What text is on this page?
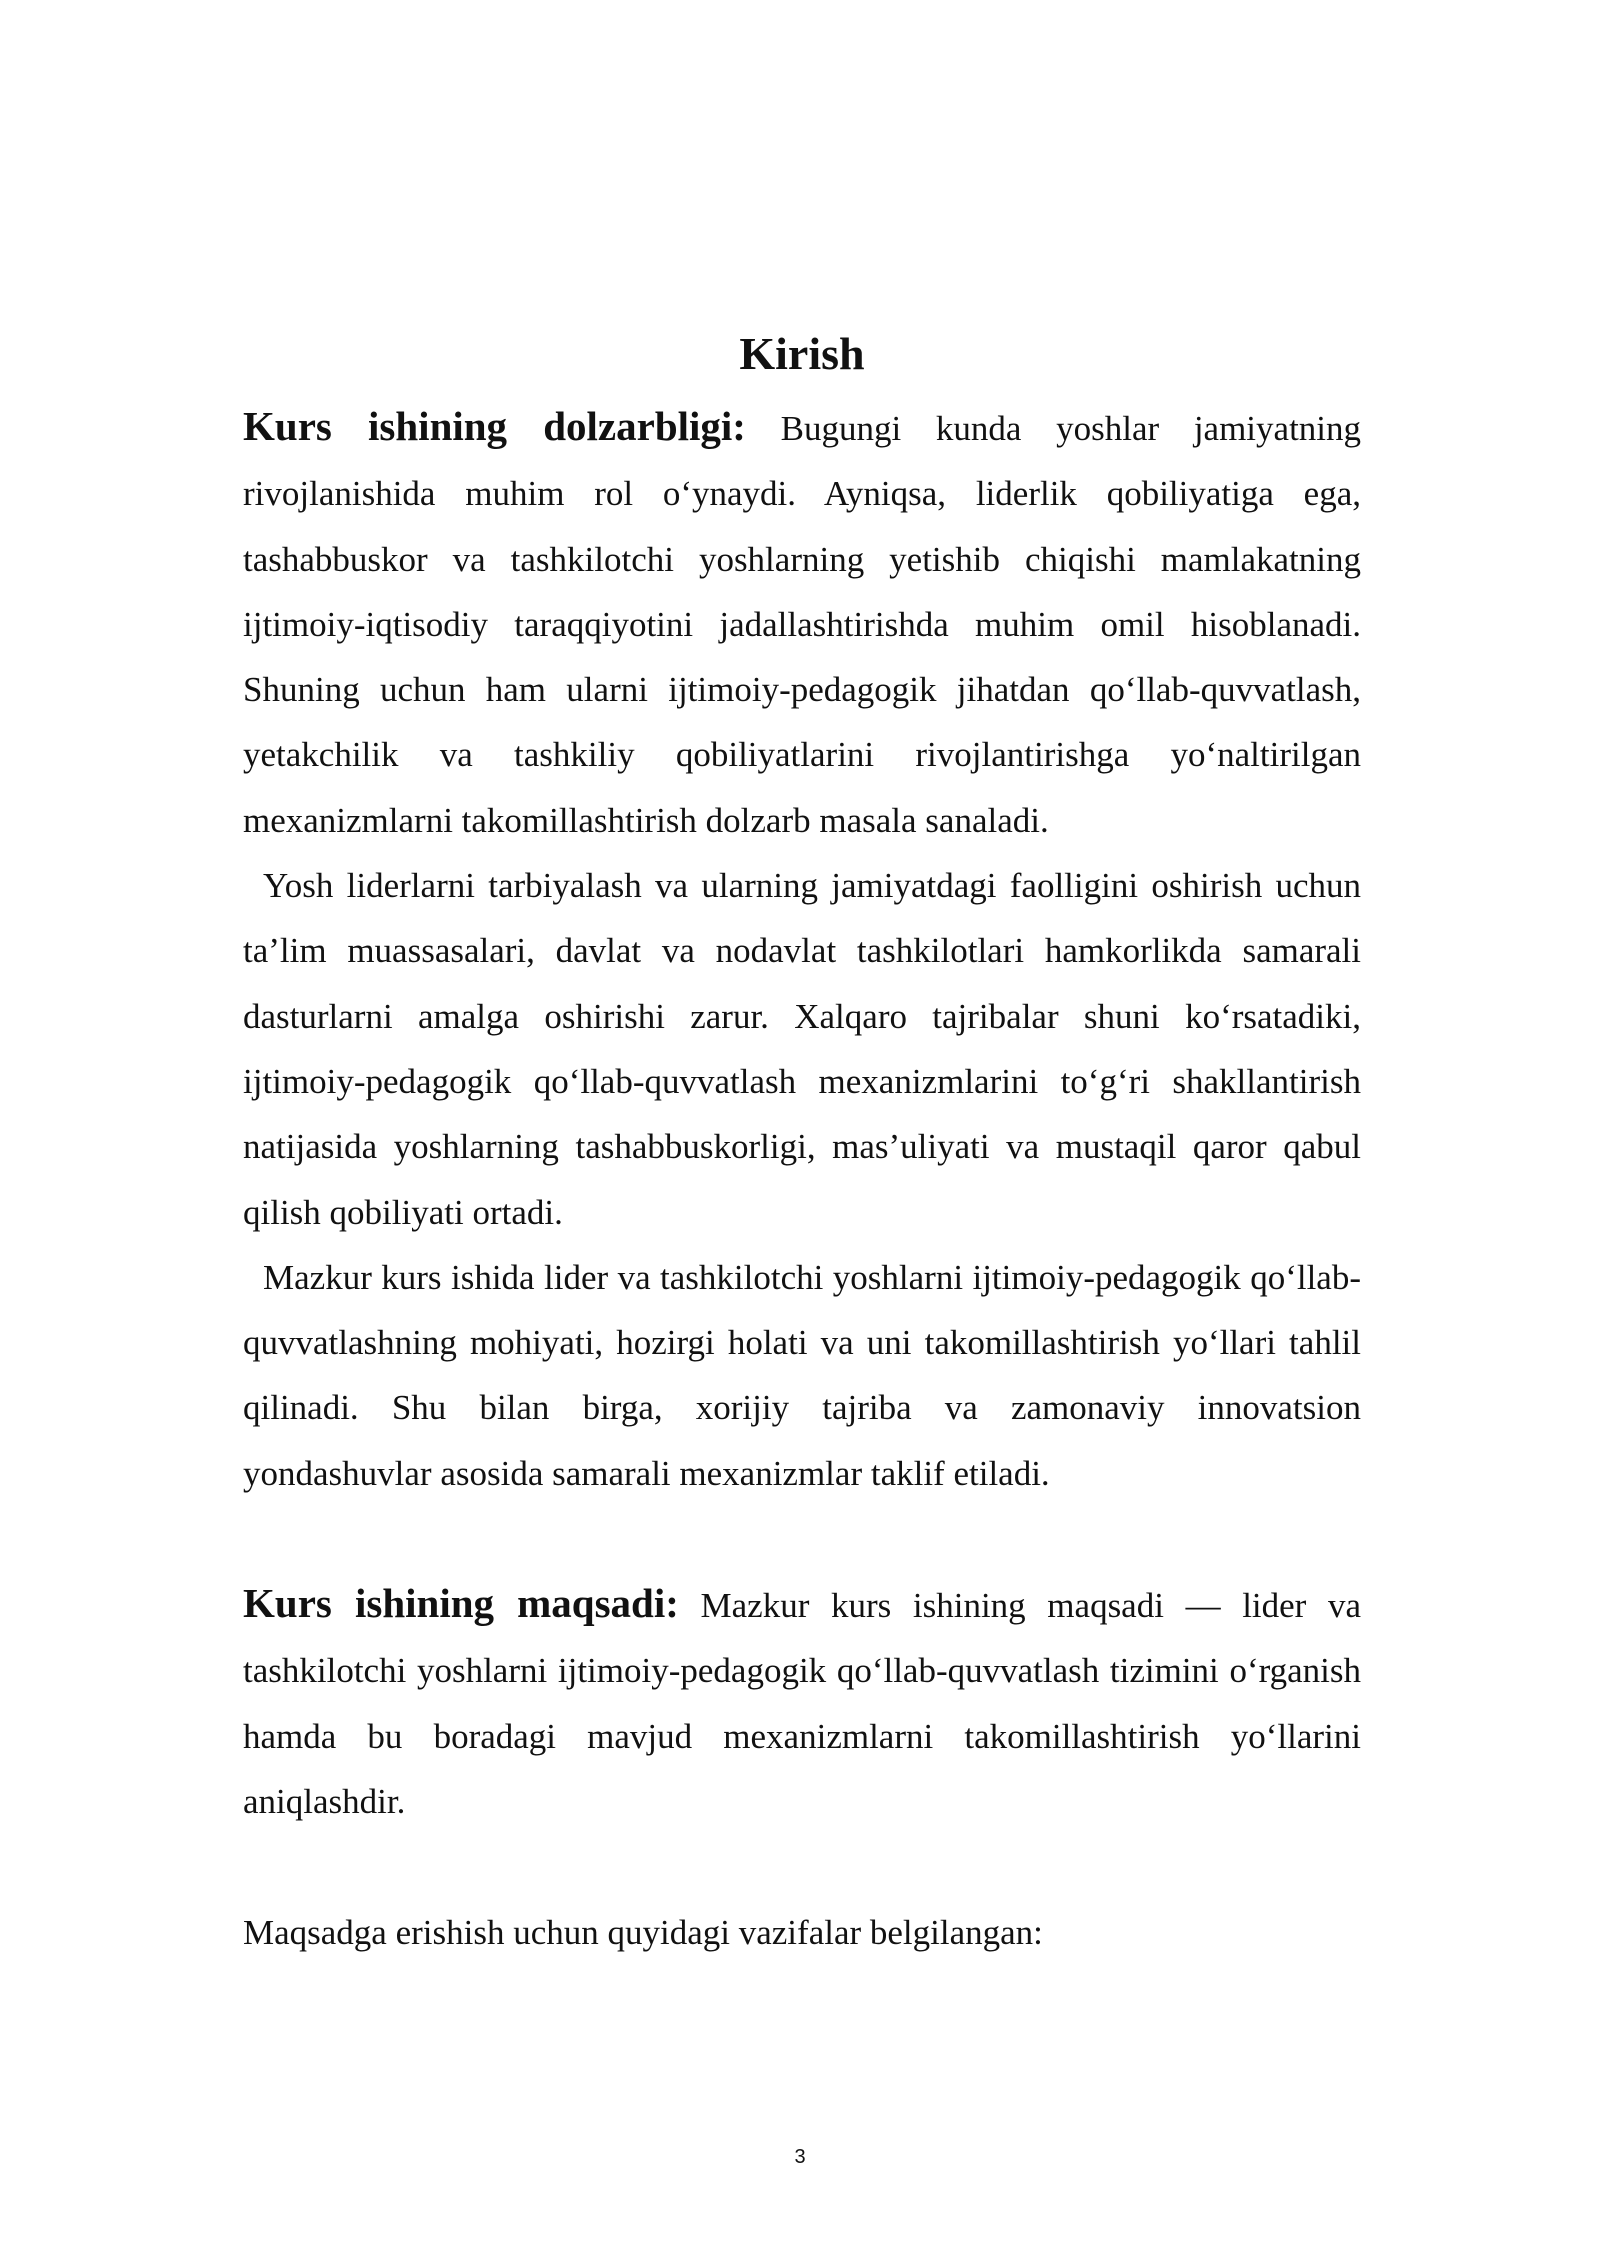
Kirish

Kurs ishining dolzarbligi: Bugungi kunda yoshlar jamiyatning rivojlanishida muhim rol o‘ynaydi. Ayniqsa, liderlik qobiliyatiga ega, tashabbuskor va tashkilotchi yoshlarning yetishib chiqishi mamlakatning ijtimoiy-iqtisodiy taraqqiyotini jadallashtirishda muhim omil hisoblanadi. Shuning uchun ham ularni ijtimoiy-pedagogik jihatdan qo‘llab-quvvatlash, yetakchilik va tashkiliy qobiliyatlarini rivojlantirishga yo‘naltirilgan mexanizmlarni takomillashtirish dolzarb masala sanaladi.

Yosh liderlarni tarbiyalash va ularning jamiyatdagi faolligini oshirish uchun ta’lim muassasalari, davlat va nodavlat tashkilotlari hamkorlikda samarali dasturlarni amalga oshirishi zarur. Xalqaro tajribalar shuni ko‘rsatadiki, ijtimoiy-pedagogik qo‘llab-quvvatlash mexanizmlarini to‘g‘ri shakllantirish natijasida yoshlarning tashabbuskorligi, mas’uliyati va mustaqil qaror qabul qilish qobiliyati ortadi.

Mazkur kurs ishida lider va tashkilotchi yoshlarni ijtimoiy-pedagogik qo‘llab-quvvatlashning mohiyati, hozirgi holati va uni takomillashtirish yo‘llari tahlil qilinadi. Shu bilan birga, xorijiy tajriba va zamonaviy innovatsion yondashuvlar asosida samarali mexanizmlar taklif etiladi.

Kurs ishining maqsadi: Mazkur kurs ishining maqsadi — lider va tashkilotchi yoshlarni ijtimoiy-pedagogik qo‘llab-quvvatlash tizimini o‘rganish hamda bu boradagi mavjud mexanizmlarni takomillashtirish yo‘llarini aniqlashdir.

Maqsadga erishish uchun quyidagi vazifalar belgilangan:

3
